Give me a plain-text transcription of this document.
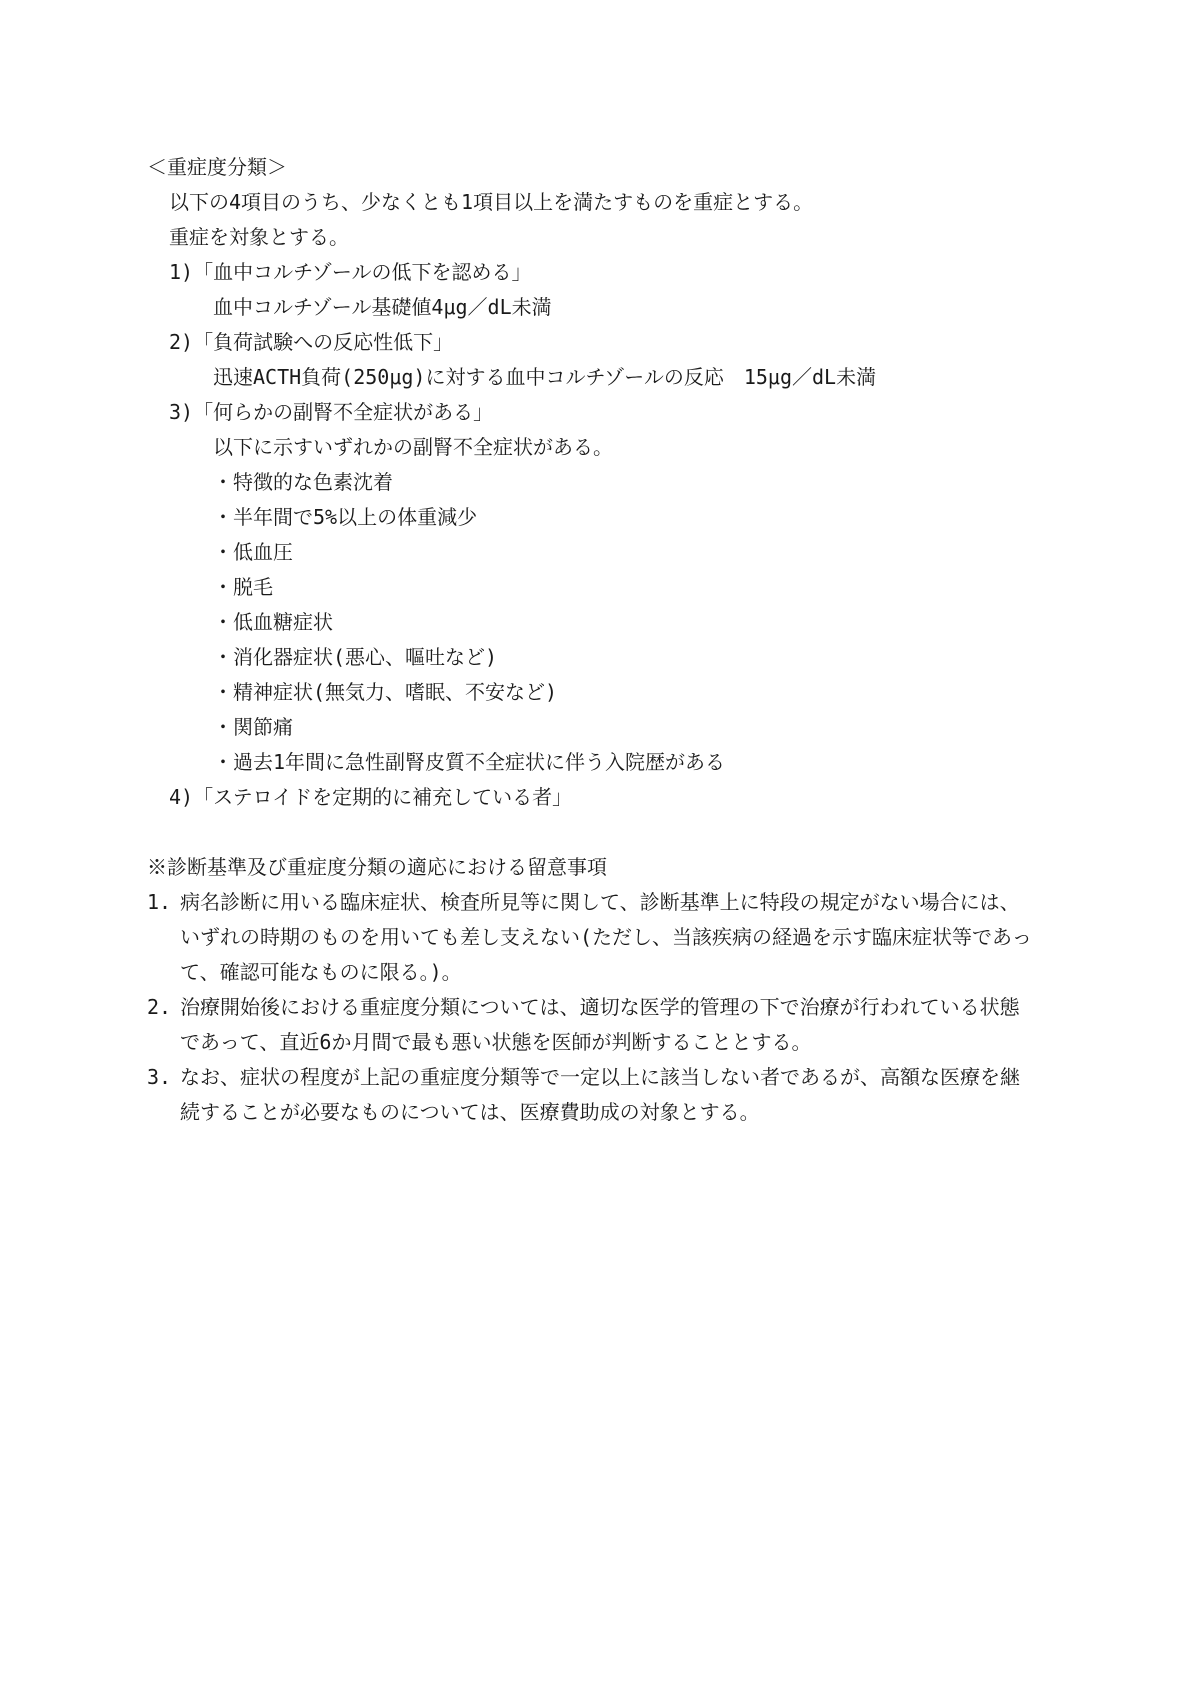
＜重症度分類＞
以下の4項目のうち、少なくとも1項目以上を満たすものを重症とする。
重症を対象とする。
1)「血中コルチゾールの低下を認める」
血中コルチゾール基礎値4μg／dL未満
2)「負荷試験への反応性低下」
迅速ACTH負荷(250μg)に対する血中コルチゾールの反応　15μg／dL未満
3)「何らかの副腎不全症状がある」
以下に示すいずれかの副腎不全症状がある。
・特徴的な色素沈着
・半年間で5%以上の体重減少
・低血圧
・脱毛
・低血糖症状
・消化器症状(悪心、嘔吐など)
・精神症状(無気力、嗜眠、不安など)
・関節痛
・過去1年間に急性副腎皮質不全症状に伴う入院歴がある
4)「ステロイドを定期的に補充している者」
※診断基準及び重症度分類の適応における留意事項
1. 病名診断に用いる臨床症状、検査所見等に関して、診断基準上に特段の規定がない場合には、いずれの時期のものを用いても差し支えない(ただし、当該疾病の経過を示す臨床症状等であって、確認可能なものに限る。)。
2. 治療開始後における重症度分類については、適切な医学的管理の下で治療が行われている状態であって、直近6か月間で最も悪い状態を医師が判断することとする。
3. なお、症状の程度が上記の重症度分類等で一定以上に該当しない者であるが、高額な医療を継続することが必要なものについては、医療費助成の対象とする。
